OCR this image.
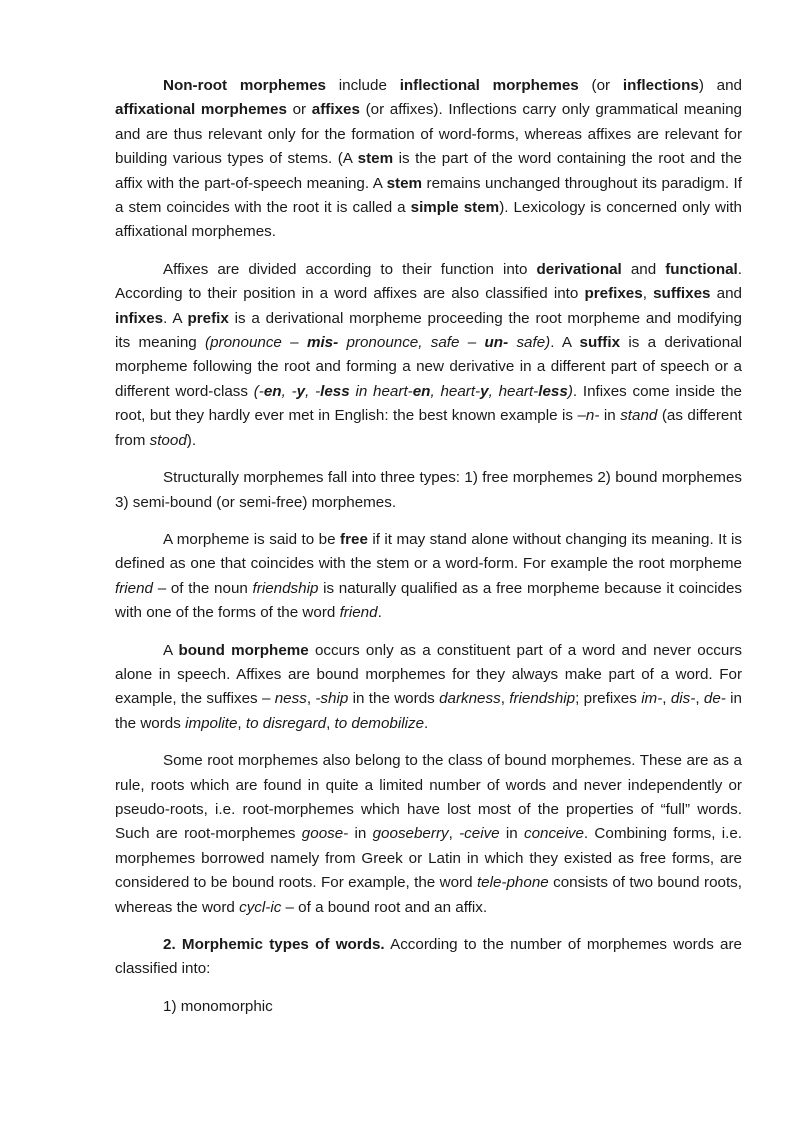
Non-root morphemes include inflectional morphemes (or inflections) and affixational morphemes or affixes (or affixes). Inflections carry only grammatical meaning and are thus relevant only for the formation of word-forms, whereas affixes are relevant for building various types of stems. (A stem is the part of the word containing the root and the affix with the part-of-speech meaning. A stem remains unchanged throughout its paradigm. If a stem coincides with the root it is called a simple stem). Lexicology is concerned only with affixational morphemes.

Affixes are divided according to their function into derivational and functional. According to their position in a word affixes are also classified into prefixes, suffixes and infixes. A prefix is a derivational morpheme proceeding the root morpheme and modifying its meaning (pronounce – mis- pronounce, safe – un- safe). A suffix is a derivational morpheme following the root and forming a new derivative in a different part of speech or a different word-class (-en, -y, -less in heart-en, heart-y, heart-less). Infixes come inside the root, but they hardly ever met in English: the best known example is –n- in stand (as different from stood).

Structurally morphemes fall into three types: 1) free morphemes 2) bound morphemes 3) semi-bound (or semi-free) morphemes.

A morpheme is said to be free if it may stand alone without changing its meaning. It is defined as one that coincides with the stem or a word-form. For example the root morpheme friend – of the noun friendship is naturally qualified as a free morpheme because it coincides with one of the forms of the word friend.

A bound morpheme occurs only as a constituent part of a word and never occurs alone in speech. Affixes are bound morphemes for they always make part of a word. For example, the suffixes – ness, -ship in the words darkness, friendship; prefixes im-, dis-, de- in the words impolite, to disregard, to demobilize.

Some root morphemes also belong to the class of bound morphemes. These are as a rule, roots which are found in quite a limited number of words and never independently or pseudo-roots, i.e. root-morphemes which have lost most of the properties of “full” words. Such are root-morphemes goose- in gooseberry, -ceive in conceive. Combining forms, i.e. morphemes borrowed namely from Greek or Latin in which they existed as free forms, are considered to be bound roots. For example, the word tele-phone consists of two bound roots, whereas the word cycl-ic – of a bound root and an affix.

2. Morphemic types of words. According to the number of morphemes words are classified into:

1) monomorphic
